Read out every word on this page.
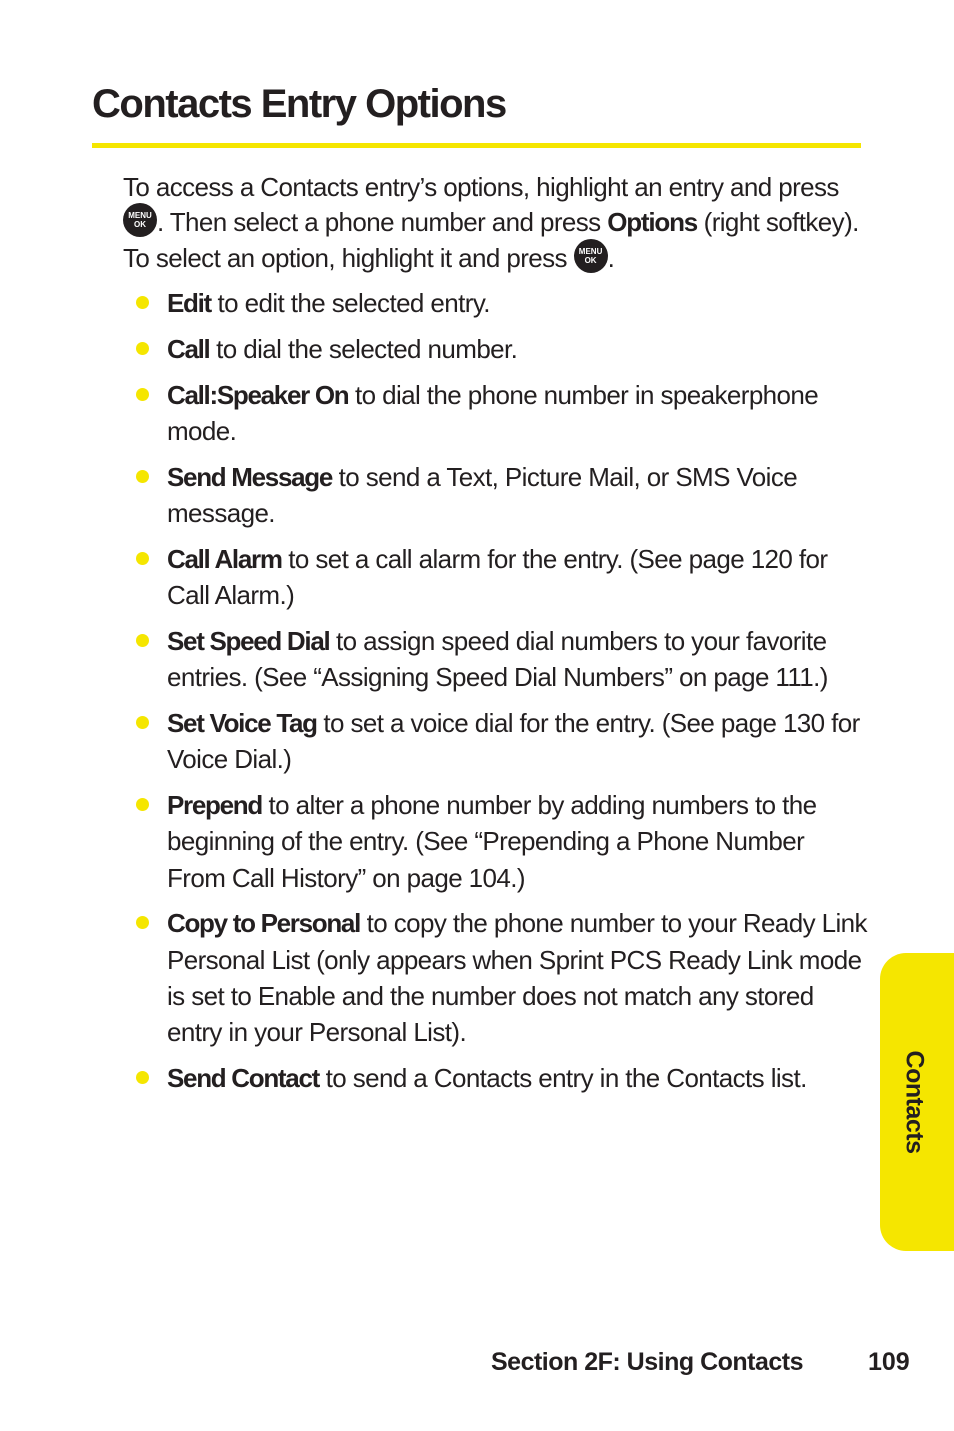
Contacts Entry Options

To access a Contacts entry’s options, highlight an entry and press
MENU
OK . Then select a phone number and press Options (right softkey). To select an option, highlight it and press MENU
OK .

Edit to edit the selected entry.
Call to dial the selected number.
Call:Speaker On to dial the phone number in speakerphone mode.
Send Message to send a Text, Picture Mail, or SMS Voice message.
Call Alarm to set a call alarm for the entry. (See page 120 for Call Alarm.)
Set Speed Dial to assign speed dial numbers to your favorite entries. (See “Assigning Speed Dial Numbers” on page 111.)
Set Voice Tag to set a voice dial for the entry. (See page 130 for Voice Dial.)
Prepend to alter a phone number by adding numbers to the beginning of the entry. (See “Prepending a Phone Number From Call History” on page 104.)
Copy to Personal to copy the phone number to your Ready Link Personal List (only appears when Sprint PCS Ready Link mode is set to Enable and the number does not match any stored entry in your Personal List).
Send Contact to send a Contacts entry in the Contacts list.	Contacts

Section 2F: Using Contacts	109
